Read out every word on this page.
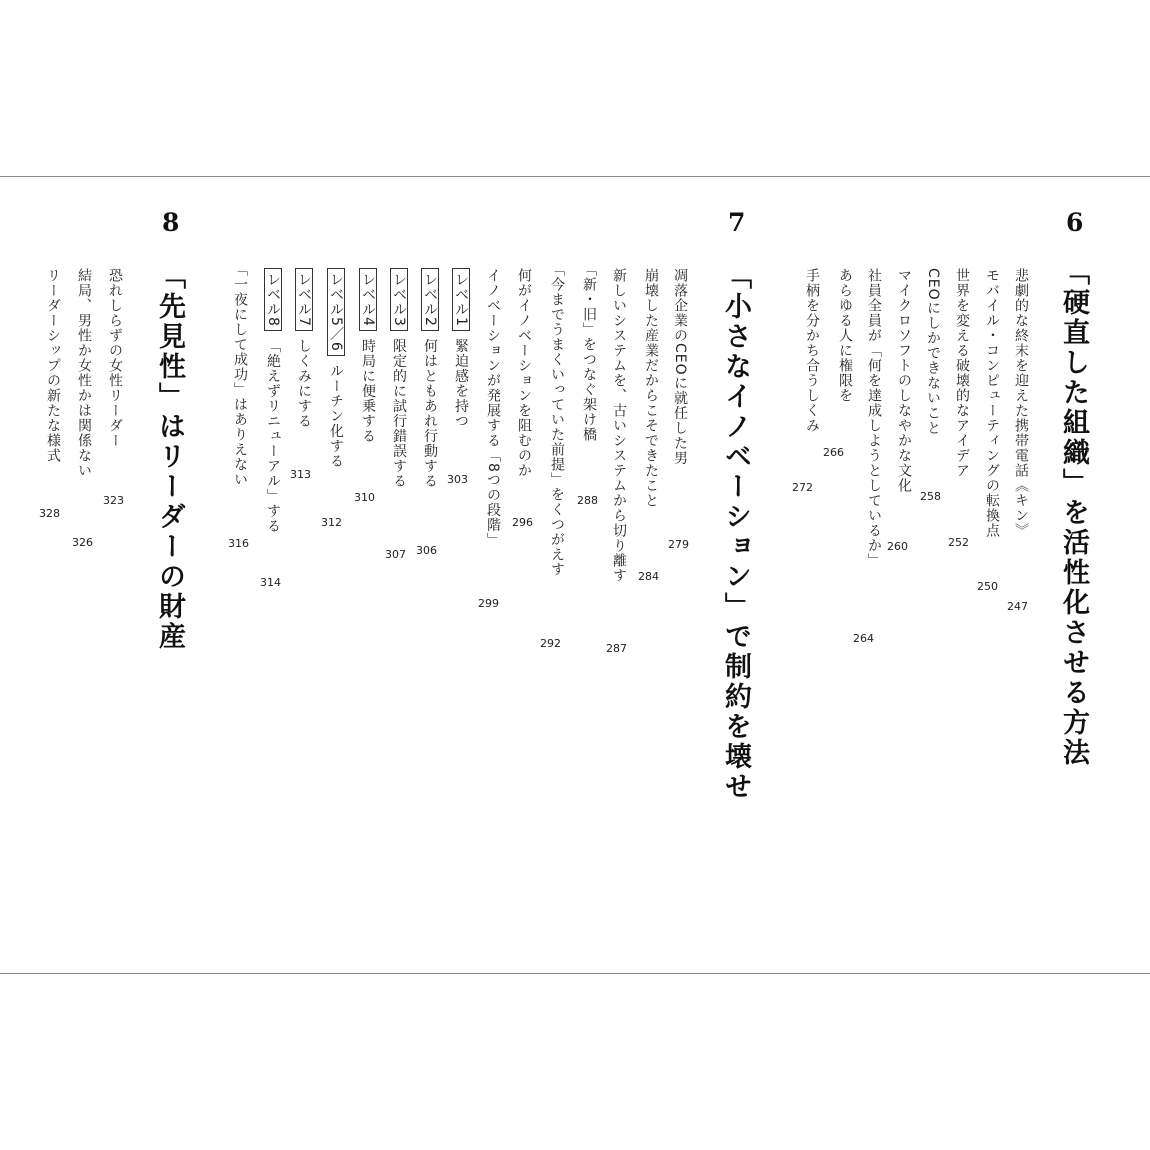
6
「硬直した組織」を活性化させる方法
悲劇的な終末を迎えた携帯電話《キン》
247
モバイル・コンピューティングの転換点
250
世界を変える破壊的なアイデア
252
CEOにしかできないこと
258
マイクロソフトのしなやかな文化
260
社員全員が「何を達成しようとしているか」
264
あらゆる人に権限を
266
手柄を分かち合うしくみ
272
7
「小さなイノベーション」で制約を壊せ
凋落企業のCEOに就任した男
279
崩壊した産業だからこそできたこと
284
新しいシステムを、古いシステムから切り離す
287
「新・旧」をつなぐ架け橋
288
「今までうまくいっていた前提」をくつがえす
292
何がイノベーションを阻むのか
296
イノベーションが発展する「8つの段階」
299
レベル1緊迫感を持つ
303
レベル2何はともあれ行動する
306
レベル3限定的に試行錯誤する
307
レベル4時局に便乗する
310
レベル5／6ルーチン化する
312
レベル7しくみにする
313
レベル8「絶えずリニューアル」する
314
「一夜にして成功」はありえない
316
8
「先見性」はリーダーの財産
恐れしらずの女性リーダー
323
結局、男性か女性かは関係ない
326
リーダーシップの新たな様式
328
